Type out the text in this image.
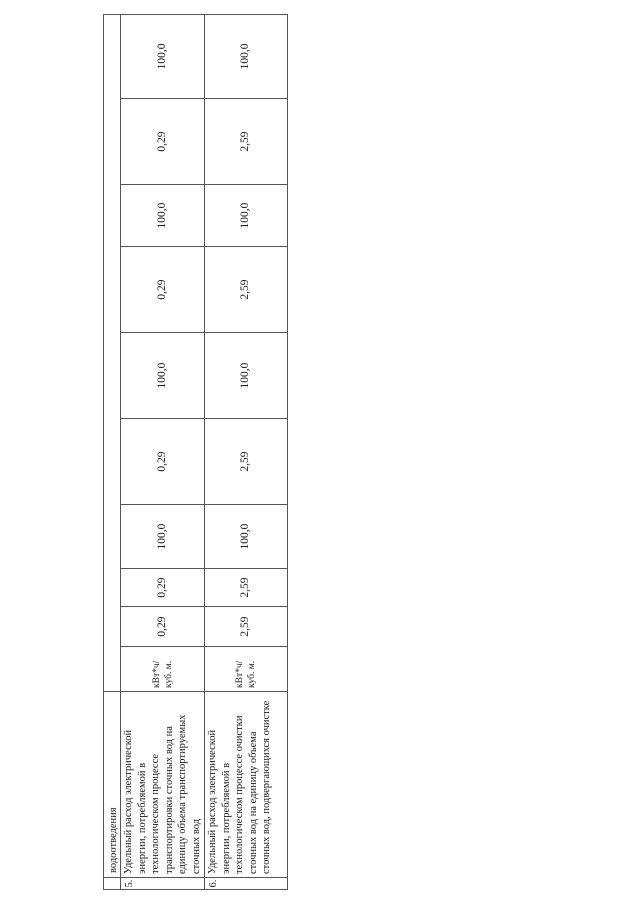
	водоотведения										
5.	Удельный расход электрической энергии, потребляемой в технологическом процессе транспортировки сточных вод на единицу объема транспортируемых сточных вод	кВт*ч/ куб. м.	0,29	0,29	100,0	0,29	100,0	0,29	100,0	0,29	100,0
6.	Удельный расход электрической энергии, потребляемой в технологическом процессе очистки сточных вод на единицу объема сточных вод, подвергающихся очистке	кВт*ч/ куб. м.	2,59	2,59	100,0	2,59	100,0	2,59	100,0	2,59	100,0
